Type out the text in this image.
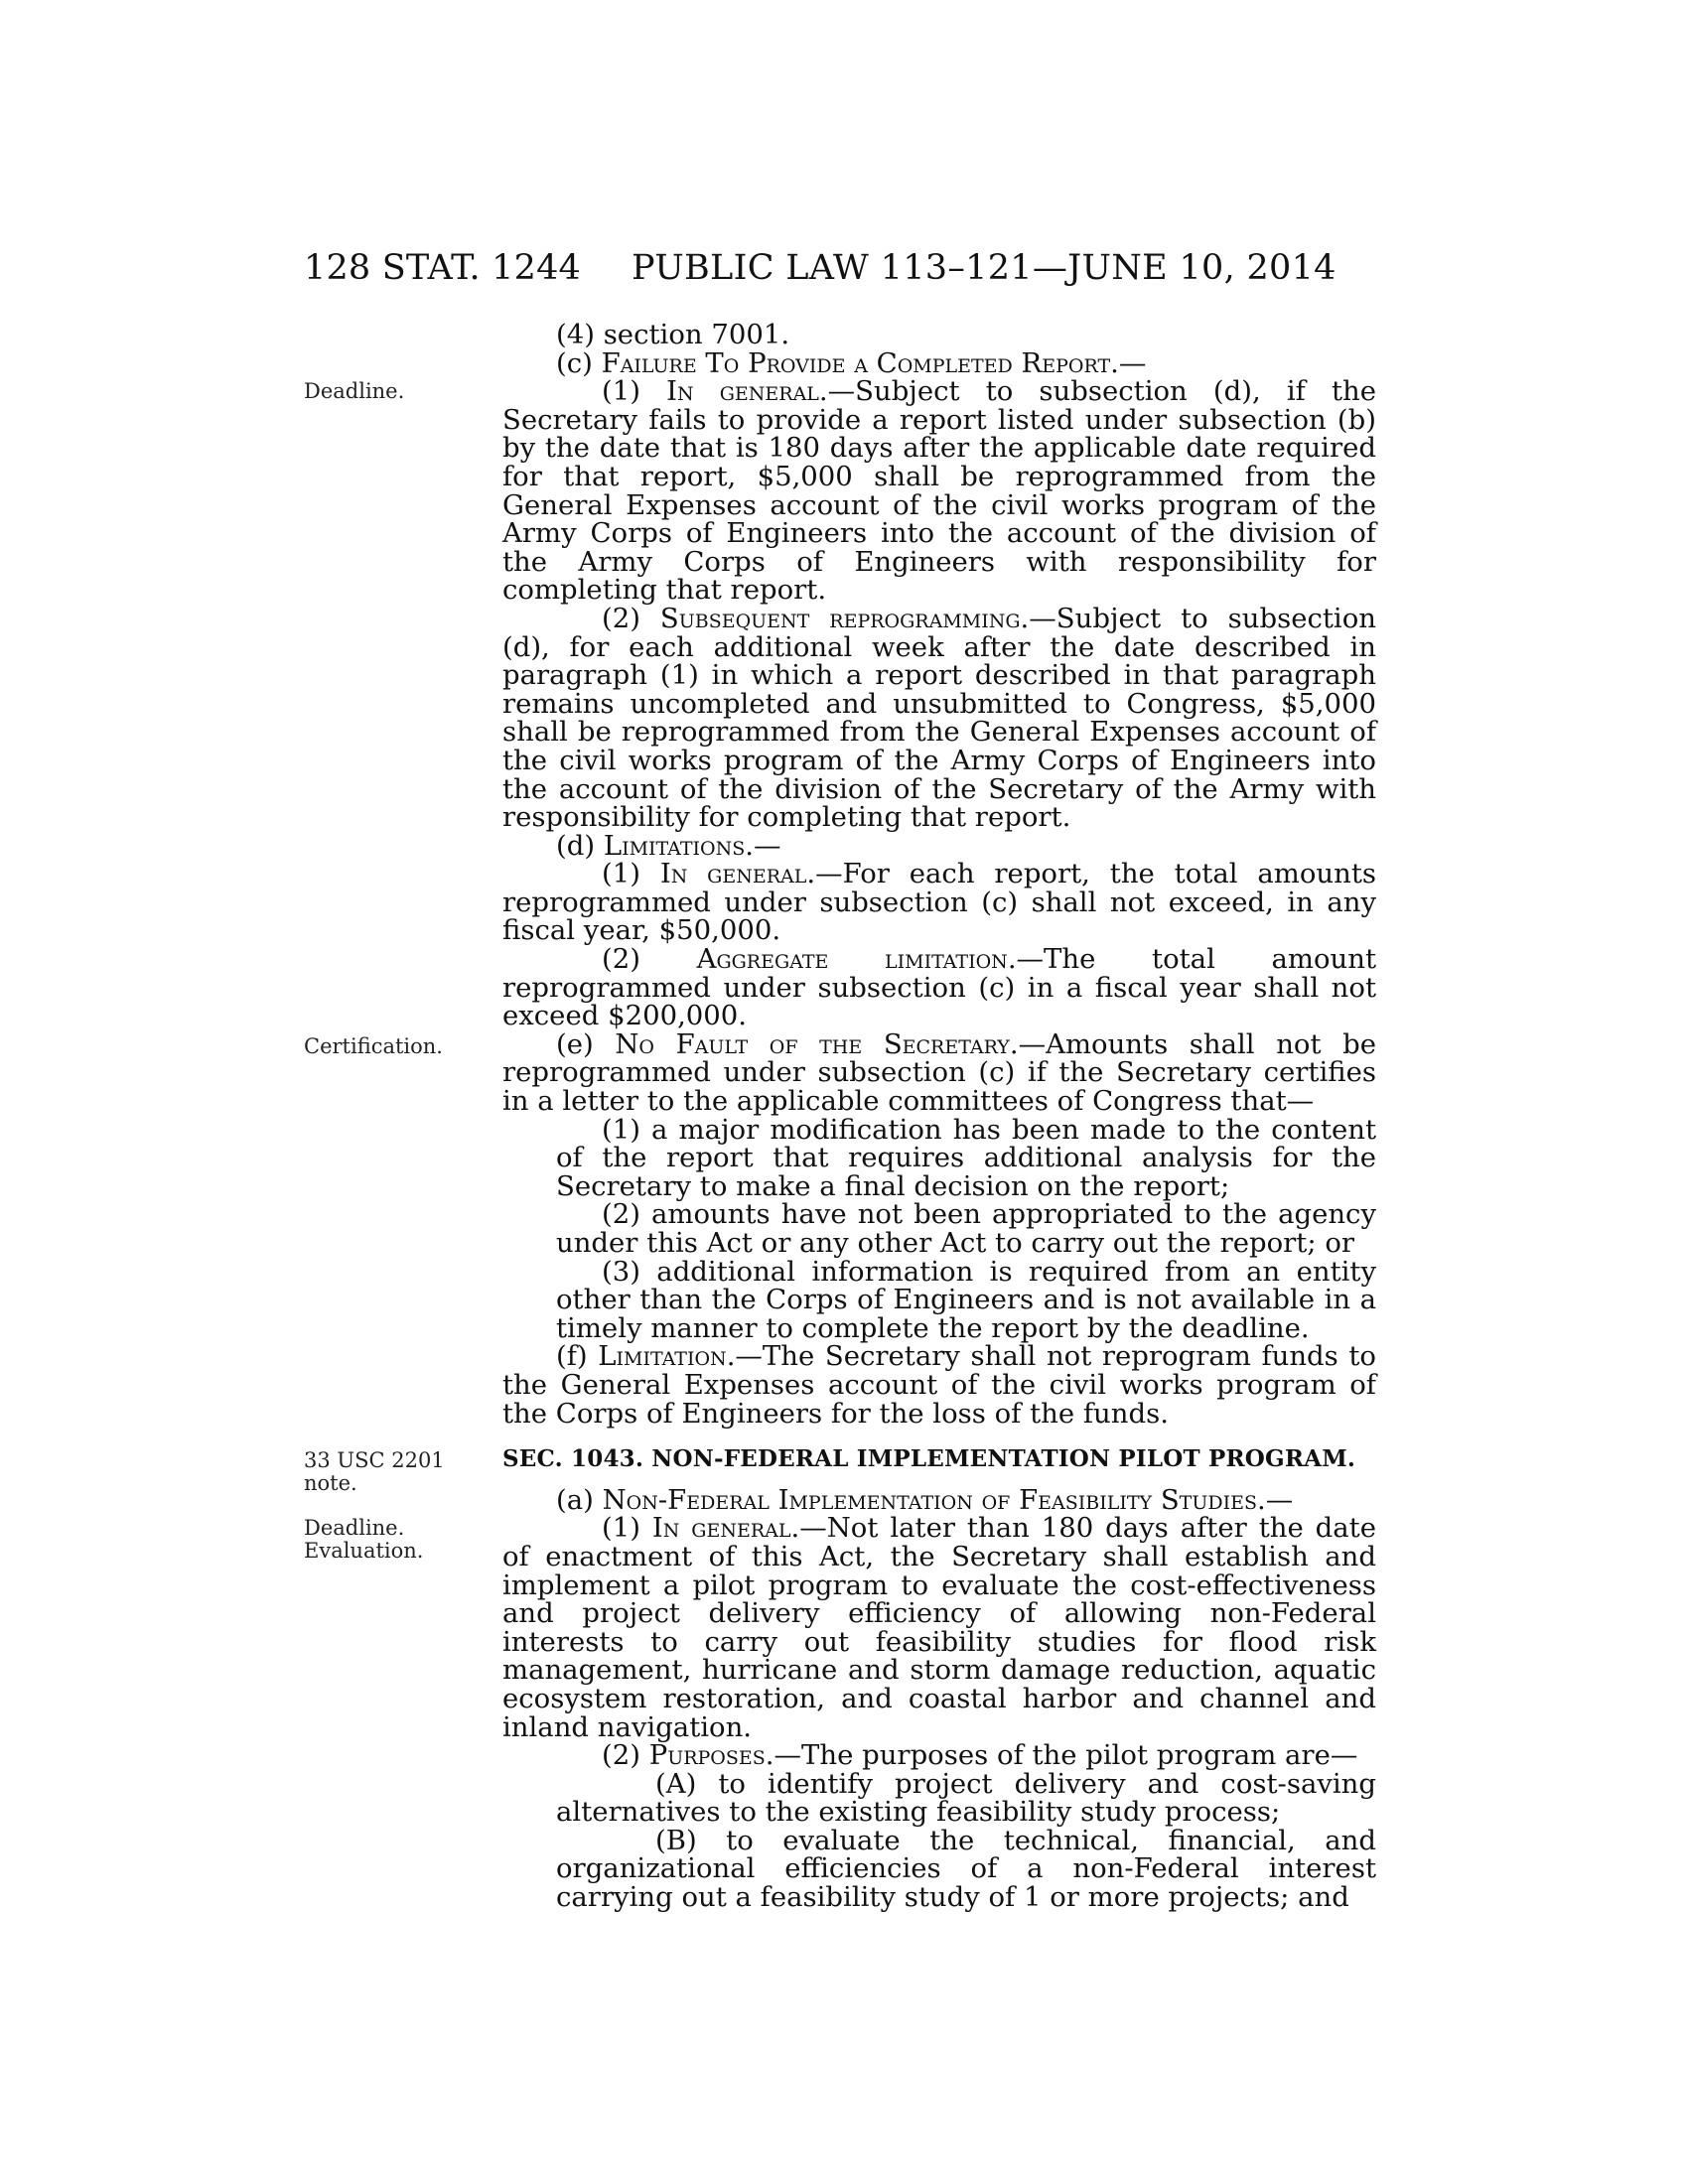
128 STAT. 1244 PUBLIC LAW 113–121—JUNE 10, 2014
Deadline.
Certification.
33 USC 2201
note.
Deadline.
Evaluation.

(4) section 7001.

(c) Failure To Provide a Completed Report.—

(1) In general.—Subject to subsection (d), if the Secretary fails to provide a report listed under subsection (b) by the date that is 180 days after the applicable date required for that report, $5,000 shall be reprogrammed from the General Expenses account of the civil works program of the Army Corps of Engineers into the account of the division of the Army Corps of Engineers with responsibility for completing that report.

(2) Subsequent reprogramming.—Subject to subsection (d), for each additional week after the date described in paragraph (1) in which a report described in that paragraph remains uncompleted and unsubmitted to Congress, $5,000 shall be reprogrammed from the General Expenses account of the civil works program of the Army Corps of Engineers into the account of the division of the Secretary of the Army with responsibility for completing that report.

(d) Limitations.—

(1) In general.—For each report, the total amounts reprogrammed under subsection (c) shall not exceed, in any fiscal year, $50,000.

(2) Aggregate limitation.—The total amount reprogrammed under subsection (c) in a fiscal year shall not exceed $200,000.

(e) No Fault of the Secretary.—Amounts shall not be reprogrammed under subsection (c) if the Secretary certifies in a letter to the applicable committees of Congress that—

(1) a major modification has been made to the content of the report that requires additional analysis for the Secretary to make a final decision on the report;

(2) amounts have not been appropriated to the agency under this Act or any other Act to carry out the report; or

(3) additional information is required from an entity other than the Corps of Engineers and is not available in a timely manner to complete the report by the deadline.

(f) Limitation.—The Secretary shall not reprogram funds to the General Expenses account of the civil works program of the Corps of Engineers for the loss of the funds.

SEC. 1043. NON-FEDERAL IMPLEMENTATION PILOT PROGRAM.

(a) Non-Federal Implementation of Feasibility Studies.—

(1) In general.—Not later than 180 days after the date of enactment of this Act, the Secretary shall establish and implement a pilot program to evaluate the cost-effectiveness and project delivery efficiency of allowing non-Federal interests to carry out feasibility studies for flood risk management, hurricane and storm damage reduction, aquatic ecosystem restoration, and coastal harbor and channel and inland navigation.

(2) Purposes.—The purposes of the pilot program are—

(A) to identify project delivery and cost-saving alternatives to the existing feasibility study process;

(B) to evaluate the technical, financial, and organizational efficiencies of a non-Federal interest carrying out a feasibility study of 1 or more projects; and
